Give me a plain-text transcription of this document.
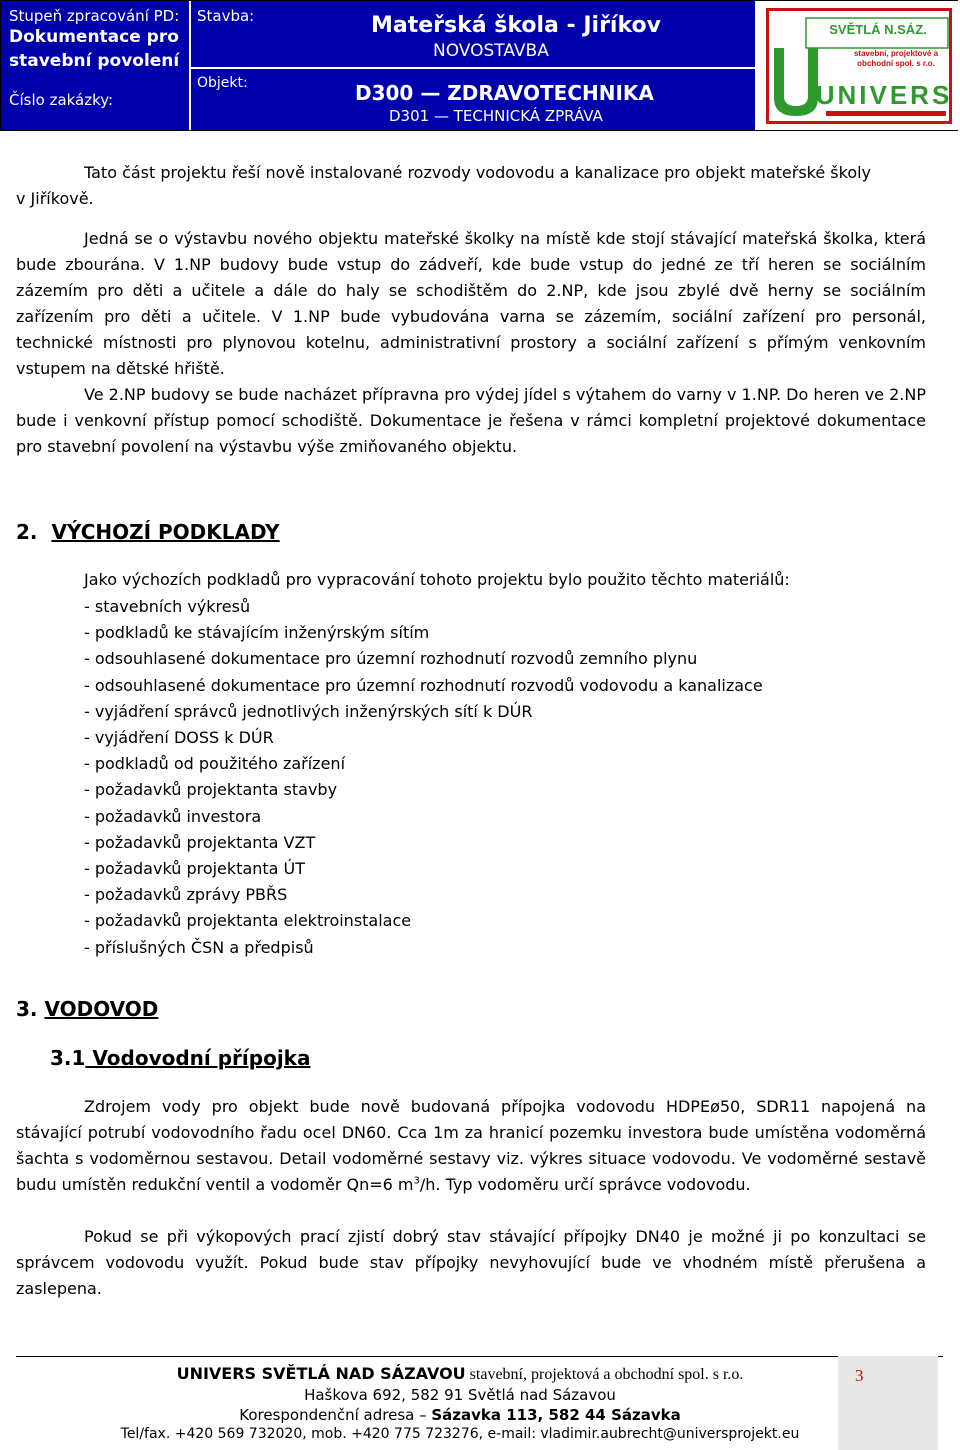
Stupeň zpracování PD:
Dokumentace pro
stavební povolení
Číslo zakázky:
Stavba:	Mateřská škola - Jiříkov
NOVOSTAVBA
Objekt:	D300 — ZDRAVOTECHNIKA
D301 — TECHNICKÁ ZPRÁVA
SVĚTLÁ N.SÁZ.
stavební, projektové a
obchodní spol. s r.o.
UNIVERS
Tato část projektu řeší nově instalované rozvody vodovodu a kanalizace pro objekt mateřské školy
v Jiříkově.
Jedná se o výstavbu nového objektu mateřské školky na místě kde stojí stávající mateřská školka, která bude zbourána. V 1.NP budovy bude vstup do zádveří, kde bude vstup do jedné ze tří heren se sociálním zázemím pro děti a učitele a dále do haly se schodištěm do 2.NP, kde jsou zbylé dvě herny se sociálním zařízením pro děti a učitele. V 1.NP bude vybudována varna se zázemím, sociální zařízení pro personál, technické místnosti pro plynovou kotelnu, administrativní prostory a sociální zařízení s přímým venkovním vstupem na dětské hřiště.
Ve 2.NP budovy se bude nacházet přípravna pro výdej jídel s výtahem do varny v 1.NP. Do heren ve 2.NP bude i venkovní přístup pomocí schodiště. Dokumentace je řešena v rámci kompletní projektové dokumentace pro stavební povolení na výstavbu výše zmiňovaného objektu.
2. VÝCHOZÍ PODKLADY
Jako výchozích podkladů pro vypracování tohoto projektu bylo použito těchto materiálů:
- stavebních výkresů
- podkladů ke stávajícím inženýrským sítím
- odsouhlasené dokumentace pro územní rozhodnutí rozvodů zemního plynu
- odsouhlasené dokumentace pro územní rozhodnutí rozvodů vodovodu a kanalizace
- vyjádření správců jednotlivých inženýrských sítí k DÚR
- vyjádření DOSS k DÚR
- podkladů od použitého zařízení
- požadavků projektanta stavby
- požadavků investora
- požadavků projektanta VZT
- požadavků projektanta ÚT
- požadavků zprávy PBŘS
- požadavků projektanta elektroinstalace
- příslušných ČSN a předpisů
3. VODOVOD
3.1 Vodovodní přípojka
Zdrojem vody pro objekt bude nově budovaná přípojka vodovodu HDPEø50, SDR11 napojená na stávající potrubí vodovodního řadu ocel DN60. Cca 1m za hranicí pozemku investora bude umístěna vodoměrná šachta s vodoměrnou sestavou. Detail vodoměrné sestavy viz. výkres situace vodovodu. Ve vodoměrné sestavě budu umístěn redukční ventil a vodoměr Qn=6 $m^3/h$. Typ vodoměru určí správce vodovodu.
Pokud se při výkopových prací zjistí dobrý stav stávající přípojky DN40 je možné ji po konzultaci se správcem vodovodu využít. Pokud bude stav přípojky nevyhovující bude ve vhodném místě přerušena a zaslepena.
3
UNIVERS SVĚTLÁ NAD SÁZAVOU stavební, projektová a obchodní spol. s r.o.
Haškova 692, 582 91 Světlá nad Sázavou
Korespondenční adresa – Sázavka 113, 582 44 Sázavka
Tel/fax. +420 569 732020, mob. +420 775 723276, e-mail: vladimir.aubrecht@universprojekt.eu
